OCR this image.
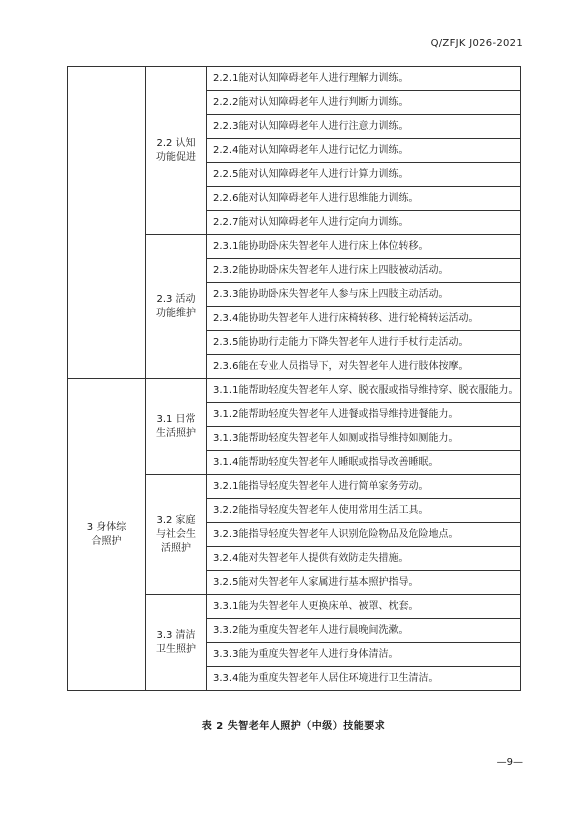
Q/ZFJK J026-2021
	2.2 认知功能促进	2.2.1能对认知障碍老年人进行理解力训练。
		2.2.2能对认知障碍老年人进行判断力训练。
		2.2.3能对认知障碍老年人进行注意力训练。
		2.2.4能对认知障碍老年人进行记忆力训练。
		2.2.5能对认知障碍老年人进行计算力训练。
		2.2.6能对认知障碍老年人进行思维能力训练。
		2.2.7能对认知障碍老年人进行定向力训练。
	2.3 活动功能维护	2.3.1能协助卧床失智老年人进行床上体位转移。
		2.3.2能协助卧床失智老年人进行床上四肢被动活动。
		2.3.3能协助卧床失智老年人参与床上四肢主动活动。
		2.3.4能协助失智老年人进行床椅转移、进行轮椅转运活动。
		2.3.5能协助行走能力下降失智老年人进行手杖行走活动。
		2.3.6能在专业人员指导下，对失智老年人进行肢体按摩。
3 身体综合照护	3.1 日常生活照护	3.1.1能帮助轻度失智老年人穿、脱衣服或指导维持穿、脱衣服能力。
		3.1.2能帮助轻度失智老年人进餐或指导维持进餐能力。
		3.1.3能帮助轻度失智老年人如厕或指导维持如厕能力。
		3.1.4能帮助轻度失智老年人睡眠或指导改善睡眠。
	3.2 家庭与社会生活照护	3.2.1能指导轻度失智老年人进行简单家务劳动。
		3.2.2能指导轻度失智老年人使用常用生活工具。
		3.2.3能指导轻度失智老年人识别危险物品及危险地点。
		3.2.4能对失智老年人提供有效防走失措施。
		3.2.5能对失智老年人家属进行基本照护指导。
	3.3 清洁卫生照护	3.3.1能为失智老年人更换床单、被罩、枕套。
		3.3.2能为重度失智老年人进行晨晚间洗漱。
		3.3.3能为重度失智老年人进行身体清洁。
		3.3.4能为重度失智老年人居住环境进行卫生清洁。
表 2 失智老年人照护（中级）技能要求
—9—
